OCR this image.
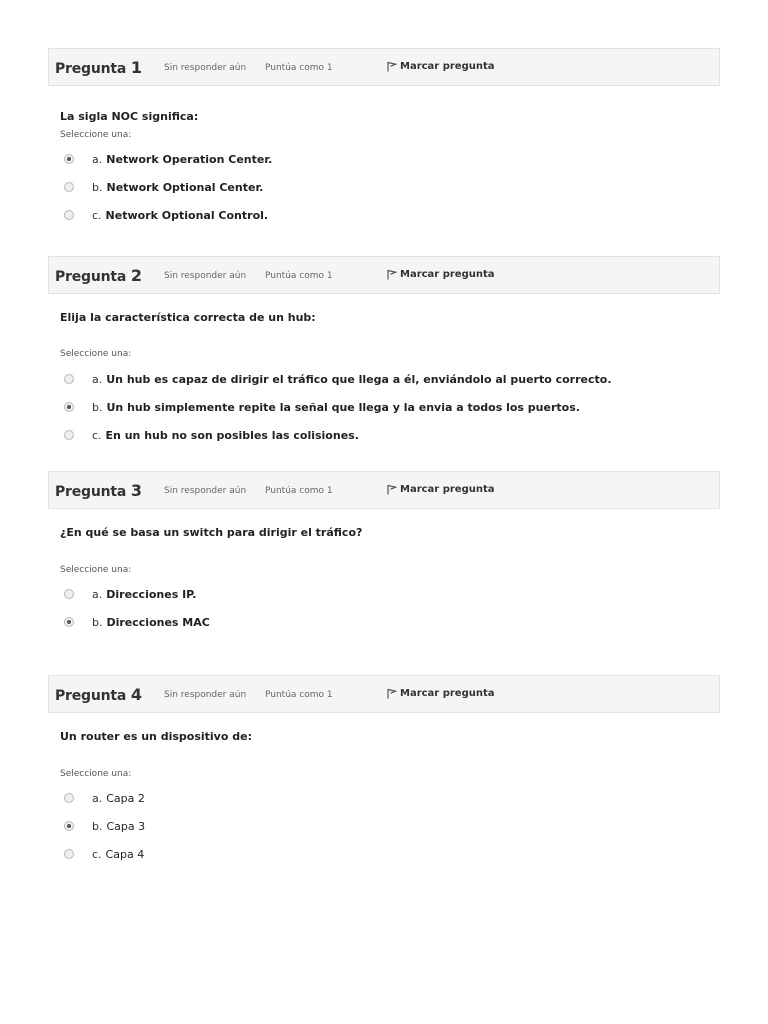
Pregunta 1 Sin responder aún Puntúa como 1	Marcar pregunta
La sigla NOC significa:
Seleccione una:
a. Network Operation Center.
b. Network Optional Center.
c. Network Optional Control.
Pregunta 2 Sin responder aún Puntúa como 1	Marcar pregunta
Elija la característica correcta de un hub:
Seleccione una:
a. Un hub es capaz de dirigir el tráfico que llega a él, enviándolo al puerto correcto.
b. Un hub simplemente repite la señal que llega y la envia a todos los puertos.
c. En un hub no son posibles las colisiones.
Pregunta 3 Sin responder aún Puntúa como 1	Marcar pregunta
¿En qué se basa un switch para dirigir el tráfico?
Seleccione una:
a. Direcciones IP.
b. Direcciones MAC
Pregunta 4 Sin responder aún Puntúa como 1	Marcar pregunta
Un router es un dispositivo de:
Seleccione una:
a. Capa 2
b. Capa 3
c. Capa 4
